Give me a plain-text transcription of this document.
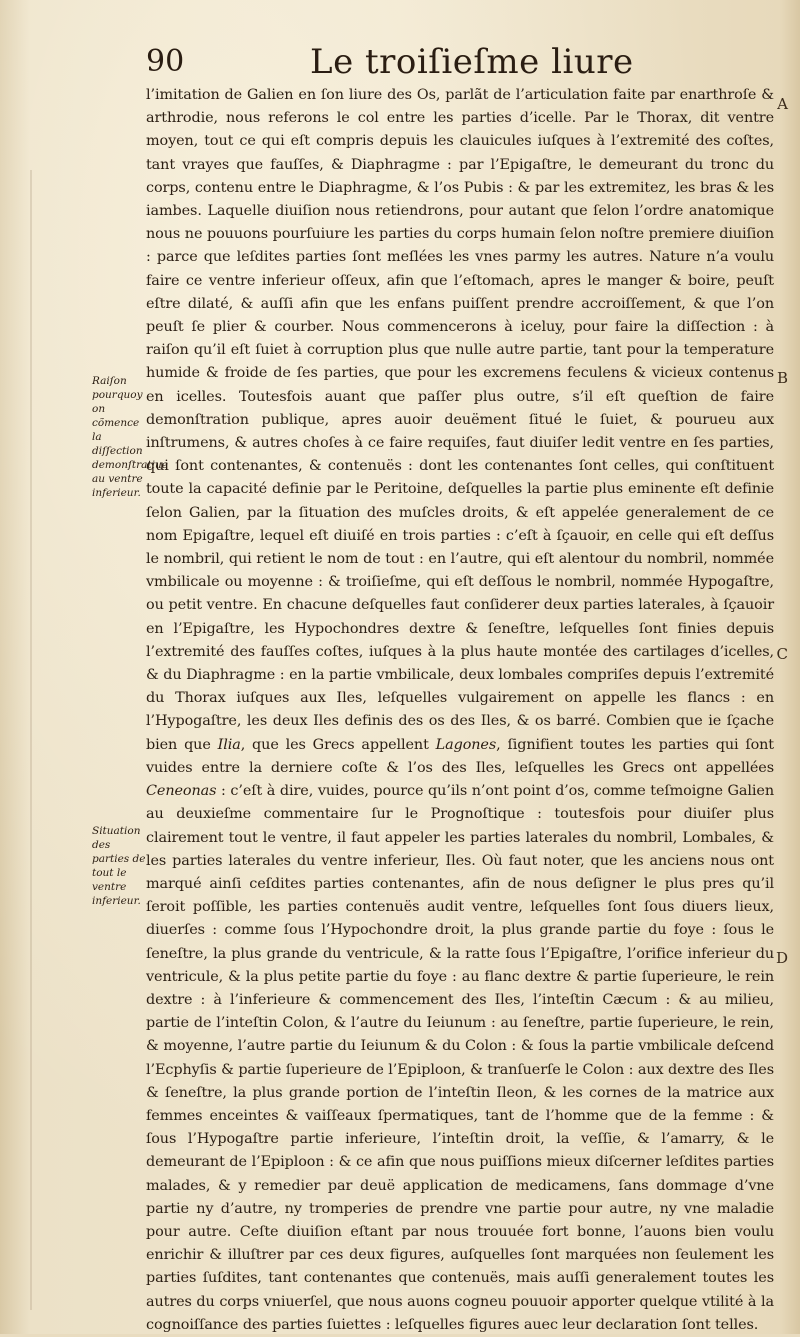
90	Le troiſieſme liure
Raiſon pourquoy on cõmence la diſſection demonſtratiue au ventre inferieur.
Situation des parties de tout le ventre inferieur.
A
B
C
D

l’imitation de Galien en ſon liure des Os, parlãt de l’articulation faite par enarthroſe & arthrodie, nous referons le col entre les parties d’icelle. Par le Thorax, dit ventre moyen, tout ce qui eſt compris depuis les clauicules iuſques à l’extremité des coſtes, tant vrayes que fauſſes, & Diaphragme : par l’Epigaſtre, le demeurant du tronc du corps, contenu entre le Diaphragme, & l’os Pubis : & par les extremitez, les bras & les iambes. Laquelle diuiſion nous retiendrons, pour autant que ſelon l’ordre anatomique nous ne pouuons pourſuiure les parties du corps humain ſelon noſtre premiere diuiſion : parce que leſdites parties ſont meſlées les vnes parmy les autres. Nature n’a voulu faire ce ventre inferieur oſſeux, afin que l’eſtomach, apres le manger & boire, peuſt eſtre dilaté, & auſſi afin que les enfans puiſſent prendre accroiſſement, & que l’on peuſt ſe plier & courber. Nous commencerons à iceluy, pour faire la diſſection : à raiſon qu’il eſt ſuiet à corruption plus que nulle autre partie, tant pour la temperature humide & froide de ſes parties, que pour les excremens feculens & vicieux contenus en icelles. Toutesfois auant que paſſer plus outre, s’il eſt queſtion de faire demonſtration publique, apres auoir deuëment ſitué le ſuiet, & pourueu aux inſtrumens, & autres choſes à ce faire requiſes, faut diuiſer ledit ventre en ſes parties, qui ſont contenantes, & contenuës : dont les contenantes ſont celles, qui conſtituent toute la capacité definie par le Peritoine, deſquelles la partie plus eminente eſt definie ſelon Galien, par la ſituation des muſcles droits, & eſt appelée generalement de ce nom Epigaſtre, lequel eſt diuiſé en trois parties : c’eſt à ſçauoir, en celle qui eſt deſſus le nombril, qui retient le nom de tout : en l’autre, qui eſt alentour du nombril, nommée vmbilicale ou moyenne : & troiſieſme, qui eſt deſſous le nombril, nommée Hypogaſtre, ou petit ventre. En chacune deſquelles faut conſiderer deux parties laterales, à ſçauoir en l’Epigaſtre, les Hypochondres dextre & ſeneſtre, leſquelles ſont finies depuis l’extremité des fauſſes coſtes, iuſques à la plus haute montée des cartilages d’icelles, & du Diaphragme : en la partie vmbilicale, deux lombales compriſes depuis l’extremité du Thorax iuſques aux Iles, leſquelles vulgairement on appelle les flancs : en l’Hypogaſtre, les deux Iles definis des os des Iles, & os barré. Combien que ie ſçache bien que Ilia, que les Grecs appellent Lagones, ſignifient toutes les parties qui ſont vuides entre la derniere coſte & l’os des Iles, leſquelles les Grecs ont appellées Ceneonas : c’eſt à dire, vuides, pource qu’ils n’ont point d’os, comme teſmoigne Galien au deuxieſme commentaire ſur le Prognoſtique : toutesfois pour diuiſer plus clairement tout le ventre, il faut appeler les parties laterales du nombril, Lombales, & les parties laterales du ventre inferieur, Iles. Où faut noter, que les anciens nous ont marqué ainſi ceſdites parties contenantes, afin de nous deſigner le plus pres qu’il ſeroit poſſible, les parties contenuës audit ventre, leſquelles ſont ſous diuers lieux, diuerſes : comme ſous l’Hypochondre droit, la plus grande partie du foye : ſous le ſeneſtre, la plus grande du ventricule, & la ratte ſous l’Epigaſtre, l’orifice inferieur du ventricule, & la plus petite partie du foye : au flanc dextre & partie ſuperieure, le rein dextre : à l’inferieure & commencement des Iles, l’inteſtin Cæcum : & au milieu, partie de l’inteſtin Colon, & l’autre du Ieiunum : au ſeneſtre, partie ſuperieure, le rein, & moyenne, l’autre partie du Ieiunum & du Colon : & ſous la partie vmbilicale deſcend l’Ecphyſis & partie ſuperieure de l’Epiploon, & tranſuerſe le Colon : aux dextre des Iles & ſeneſtre, la plus grande portion de l’inteſtin Ileon, & les cornes de la matrice aux femmes enceintes & vaiſſeaux ſpermatiques, tant de l’homme que de la femme : & ſous l’Hypogaſtre partie inferieure, l’inteſtin droit, la veſſie, & l’amarry, & le demeurant de l’Epiploon : & ce afin que nous puiſſions mieux diſcerner leſdites parties malades, & y remedier par deuë application de medicamens, ſans dommage d’vne partie ny d’autre, ny tromperies de prendre vne partie pour autre, ny vne maladie pour autre. Ceſte diuiſion eſtant par nous trouuée fort bonne, l’auons bien voulu enrichir & illuſtrer par ces deux figures, auſquelles ſont marquées non ſeulement les parties ſuſdites, tant contenantes que contenuës, mais auſſi generalement toutes les autres du corps vniuerſel, que nous auons cogneu pouuoir apporter quelque vtilité à la cognoiſſance des parties ſuiettes : leſquelles figures auec leur declaration ſont telles.
